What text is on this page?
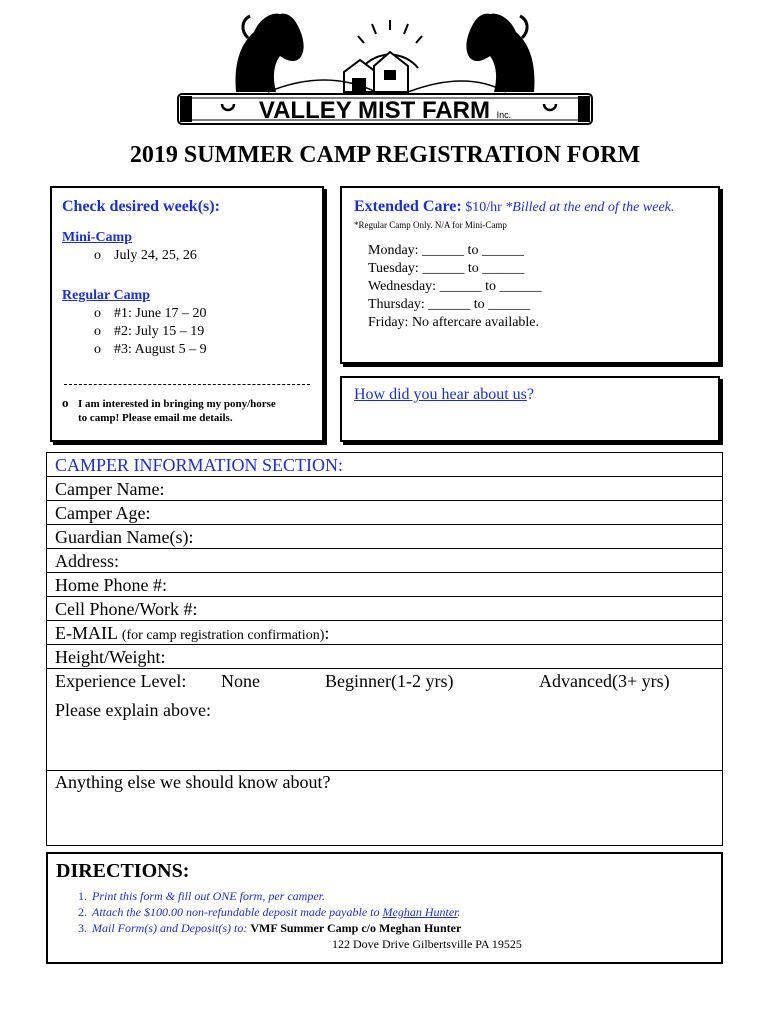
VALLEY MIST FARM Inc.
2019 SUMMER CAMP REGISTRATION FORM
Check desired week(s):
Mini-Camp
o July 24, 25, 26
Regular Camp
o #1: June 17 – 20
o #2: July 15 – 19
o #3: August 5 – 9
o I am interested in bringing my pony/horse
to camp! Please email me details.
Extended Care: $10/hr *Billed at the end of the week.
*Regular Camp Only. N/A for Mini-Camp
Monday: ______ to ______
Tuesday: ______ to ______
Wednesday: ______ to ______
Thursday: ______ to ______
Friday: No aftercare available.
How did you hear about us?
CAMPER INFORMATION SECTION:
Camper Name:
Camper Age:
Guardian Name(s):
Address:
Home Phone #:
Cell Phone/Work #:
E-MAIL (for camp registration confirmation):
Height/Weight:
Experience Level: None	Beginner(1-2 yrs)	Advanced(3+ yrs)
Please explain above:
Anything else we should know about?
DIRECTIONS:
1. Print this form & fill out ONE form, per camper.
2. Attach the $100.00 non-refundable deposit made payable to Meghan Hunter.
3. Mail Form(s) and Deposit(s) to: VMF Summer Camp c/o Meghan Hunter
122 Dove Drive Gilbertsville PA 19525
